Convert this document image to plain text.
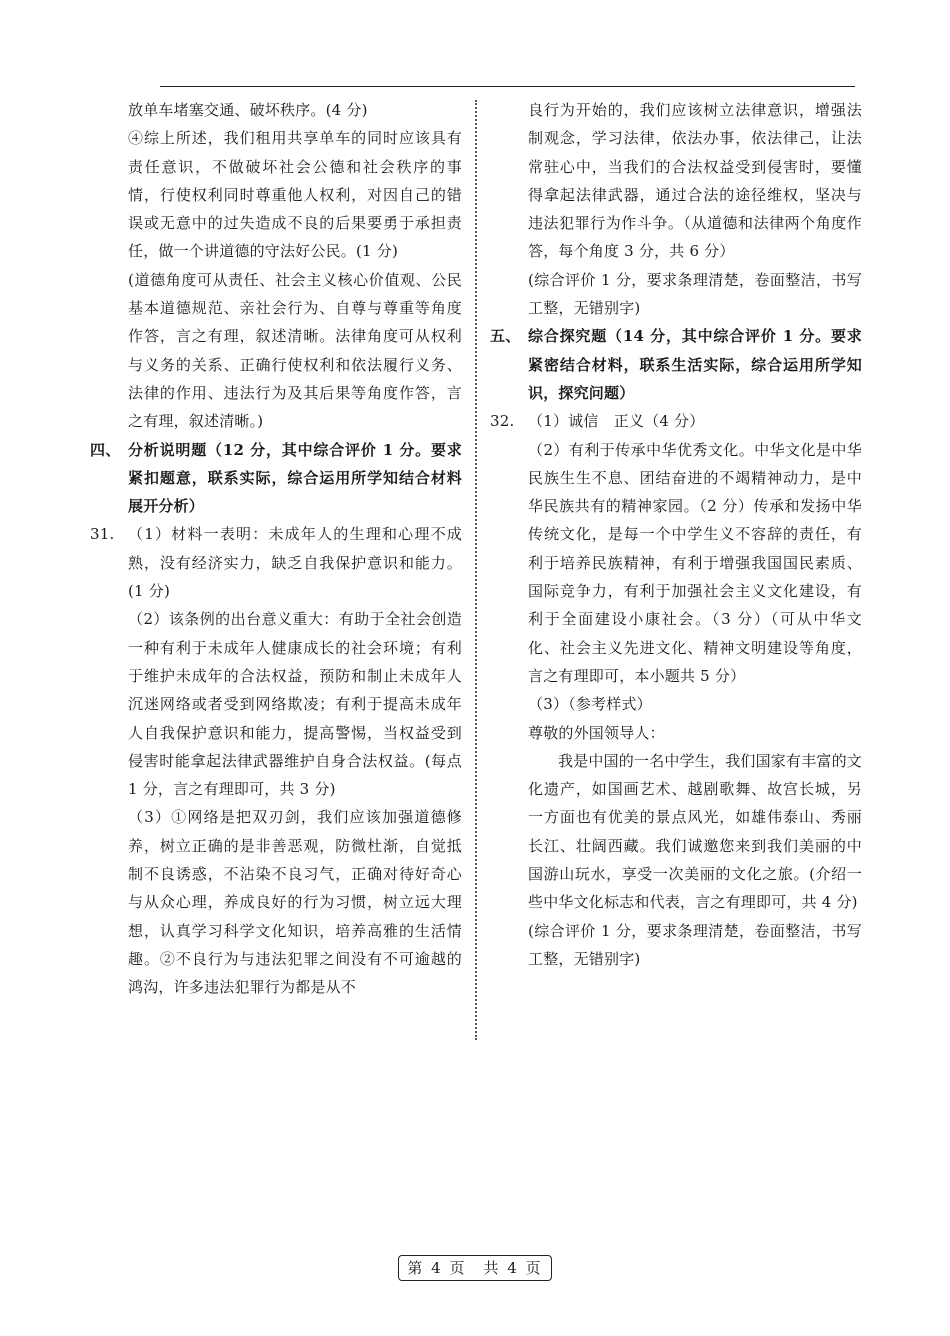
放单车堵塞交通、破坏秩序。(4 分)

④综上所述，我们租用共享单车的同时应该具有责任意识，不做破坏社会公德和社会秩序的事情，行使权利同时尊重他人权利，对因自己的错误或无意中的过失造成不良的后果要勇于承担责任，做一个讲道德的守法好公民。(1 分)

(道德角度可从责任、社会主义核心价值观、公民基本道德规范、亲社会行为、自尊与尊重等角度作答，言之有理，叙述清晰。法律角度可从权利与义务的关系、正确行使权利和依法履行义务、法律的作用、违法行为及其后果等角度作答，言之有理，叙述清晰。)

四、 分析说明题（12 分，其中综合评价 1 分。要求紧扣题意，联系实际，综合运用所学知结合材料展开分析）
31. （1）材料一表明：未成年人的生理和心理不成熟，没有经济实力，缺乏自我保护意识和能力。(1 分)

（2）该条例的出台意义重大：有助于全社会创造一种有利于未成年人健康成长的社会环境；有利于维护未成年的合法权益，预防和制止未成年人沉迷网络或者受到网络欺凌；有利于提高未成年人自我保护意识和能力，提高警惕，当权益受到侵害时能拿起法律武器维护自身合法权益。(每点 1 分，言之有理即可，共 3 分)

（3）①网络是把双刃剑，我们应该加强道德修养，树立正确的是非善恶观，防微杜渐，自觉抵制不良诱惑，不沾染不良习气，正确对待好奇心与从众心理，养成良好的行为习惯，树立远大理想，认真学习科学文化知识，培养高雅的生活情趣。②不良行为与违法犯罪之间没有不可逾越的鸿沟，许多违法犯罪行为都是从不

良行为开始的，我们应该树立法律意识，增强法制观念，学习法律，依法办事，依法律己，让法常驻心中，当我们的合法权益受到侵害时，要懂得拿起法律武器，通过合法的途径维权，坚决与违法犯罪行为作斗争。（从道德和法律两个角度作答，每个角度 3 分，共 6 分）

(综合评价 1 分，要求条理清楚，卷面整洁，书写工整，无错别字)

五、 综合探究题（14 分，其中综合评价 1 分。要求紧密结合材料，联系生活实际，综合运用所学知识，探究问题）
32. （1）诚信　正义（4 分）

（2）有利于传承中华优秀文化。中华文化是中华民族生生不息、团结奋进的不竭精神动力，是中华民族共有的精神家园。（2 分）传承和发扬中华传统文化，是每一个中学生义不容辞的责任，有利于培养民族精神，有利于增强我国国民素质、国际竞争力，有利于加强社会主义文化建设，有利于全面建设小康社会。（3 分）（可从中华文化、社会主义先进文化、精神文明建设等角度，言之有理即可，本小题共 5 分）

（3）（参考样式）

尊敬的外国领导人：

我是中国的一名中学生，我们国家有丰富的文化遗产，如国画艺术、越剧歌舞、故宫长城，另一方面也有优美的景点风光，如雄伟泰山、秀丽长江、壮阔西藏。我们诚邀您来到我们美丽的中国游山玩水，享受一次美丽的文化之旅。(介绍一些中华文化标志和代表，言之有理即可，共 4 分)

(综合评价 1 分，要求条理清楚，卷面整洁，书写工整，无错别字)

第 4 页　共 4 页
